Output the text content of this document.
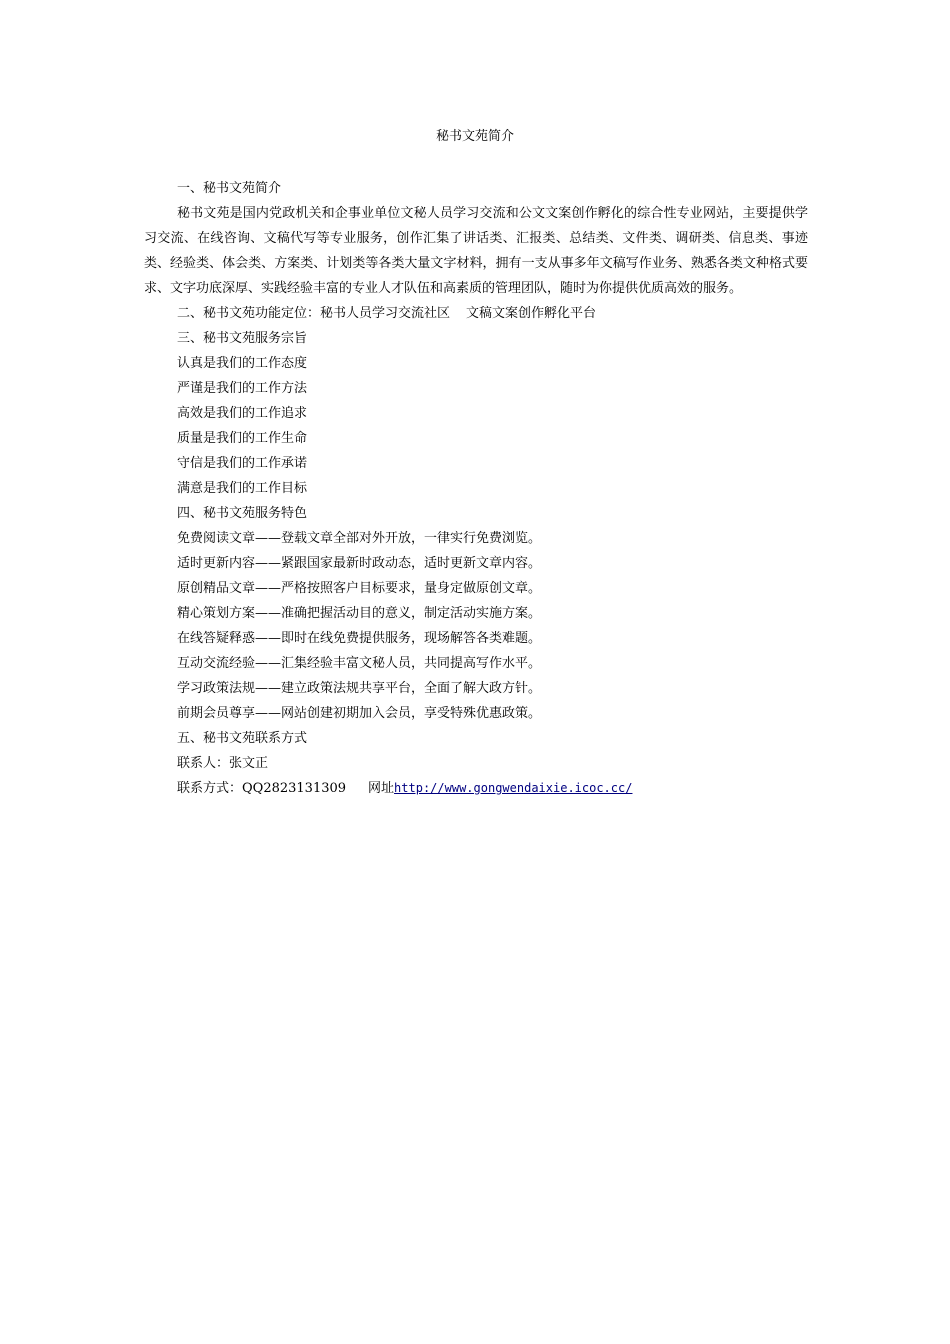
秘书文苑简介
一、秘书文苑简介
秘书文苑是国内党政机关和企事业单位文秘人员学习交流和公文文案创作孵化的综合性专业网站，主要提供学习交流、在线咨询、文稿代写等专业服务，创作汇集了讲话类、汇报类、总结类、文件类、调研类、信息类、事迹类、经验类、体会类、方案类、计划类等各类大量文字材料，拥有一支从事多年文稿写作业务、熟悉各类文种格式要求、文字功底深厚、实践经验丰富的专业人才队伍和高素质的管理团队，随时为你提供优质高效的服务。
二、秘书文苑功能定位：秘书人员学习交流社区 文稿文案创作孵化平台
三、秘书文苑服务宗旨
认真是我们的工作态度
严谨是我们的工作方法
高效是我们的工作追求
质量是我们的工作生命
守信是我们的工作承诺
满意是我们的工作目标
四、秘书文苑服务特色
免费阅读文章——登载文章全部对外开放，一律实行免费浏览。
适时更新内容——紧跟国家最新时政动态，适时更新文章内容。
原创精品文章——严格按照客户目标要求，量身定做原创文章。
精心策划方案——准确把握活动目的意义，制定活动实施方案。
在线答疑释惑——即时在线免费提供服务，现场解答各类难题。
互动交流经验——汇集经验丰富文秘人员，共同提高写作水平。
学习政策法规——建立政策法规共享平台，全面了解大政方针。
前期会员尊享——网站创建初期加入会员，享受特殊优惠政策。
五、秘书文苑联系方式
联系人：张文正
联系方式：QQ2823131309 网址http://www.gongwendaixie.icoc.cc/
